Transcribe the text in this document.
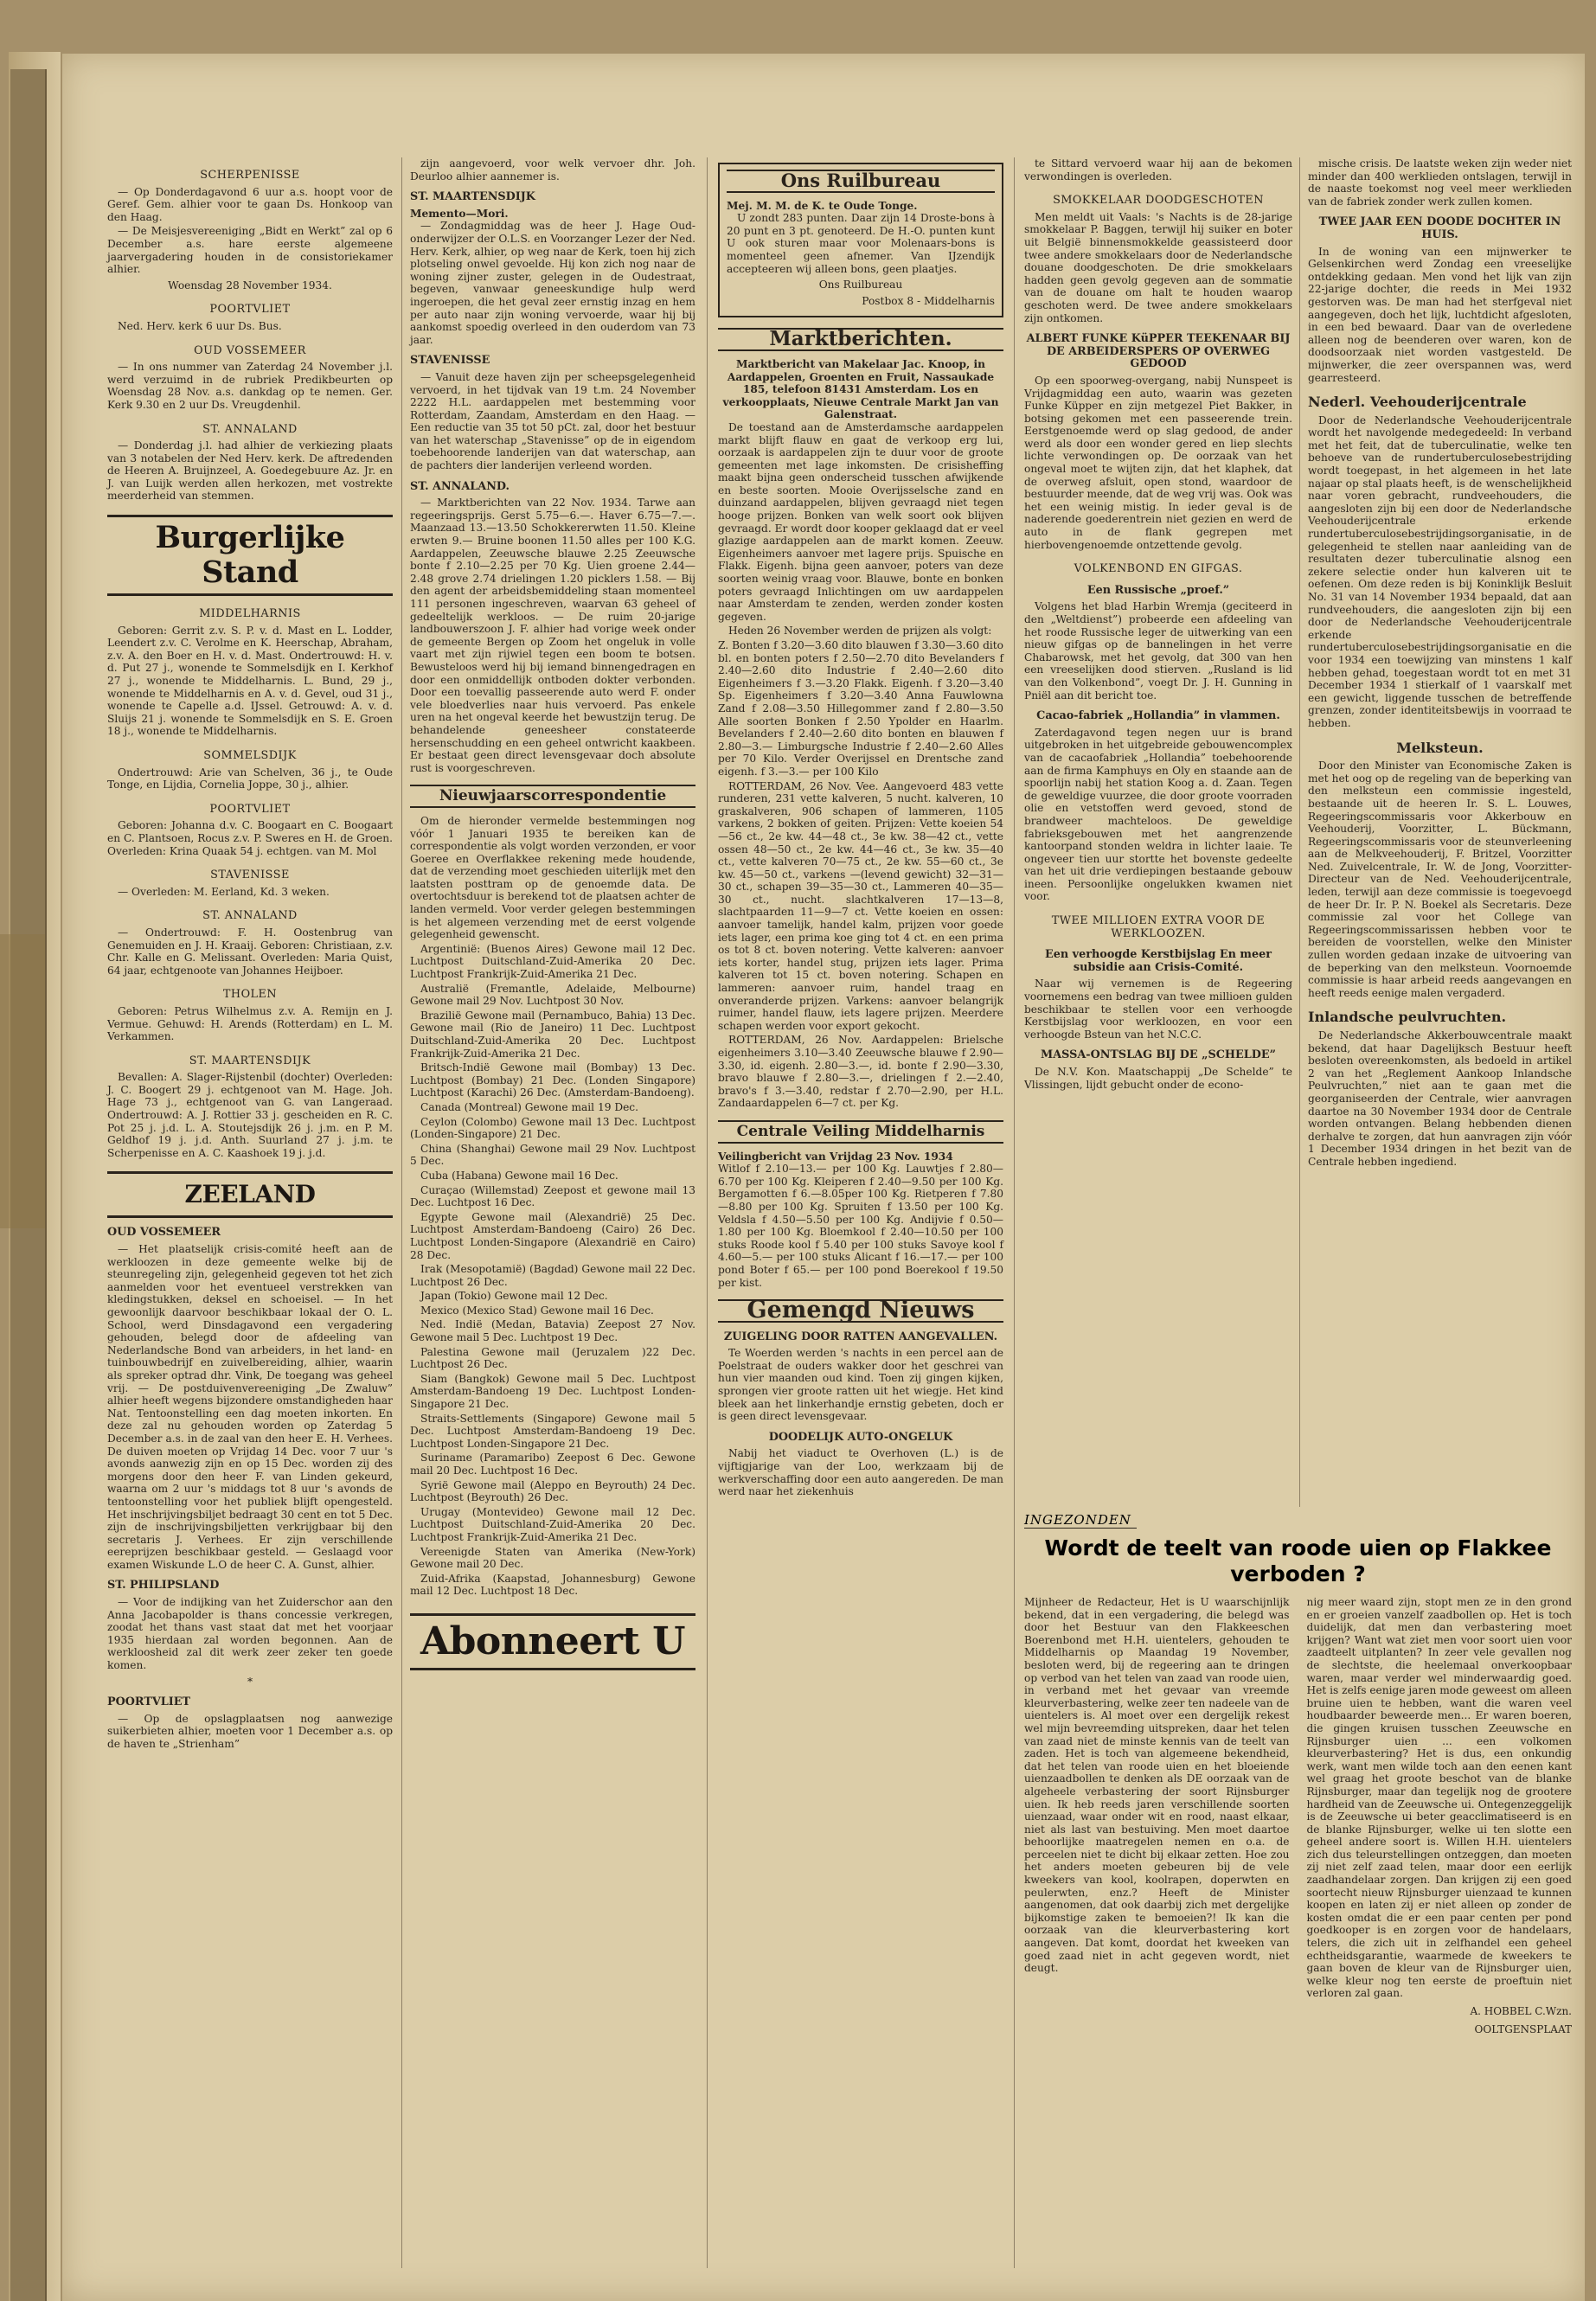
SCHERPENISSE

— Op Donderdagavond 6 uur a.s. hoopt voor de Geref. Gem. alhier voor te gaan Ds. Honkoop van den Haag.

— De Meisjesvereeniging „Bidt en Werkt” zal op 6 December a.s. hare eerste algemeene jaarvergadering houden in de consistoriekamer alhier.

Woensdag 28 November 1934.
POORTVLIET

Ned. Herv. kerk 6 uur Ds. Bus.

OUD VOSSEMEER

— In ons nummer van Zaterdag 24 November j.l. werd verzuimd in de rubriek Predikbeurten op Woensdag 28 Nov. a.s. dankdag op te nemen. Ger. Kerk 9.30 en 2 uur Ds. Vreugdenhil.

ST. ANNALAND

— Donderdag j.l. had alhier de verkiezing plaats van 3 notabelen der Ned Herv. kerk. De aftredenden de Heeren A. Bruijnzeel, A. Goedegebuure Az. Jr. en J. van Luijk werden allen herkozen, met vostrekte meerderheid van stemmen.

Burgerlijke Stand
MIDDELHARNIS

Geboren: Gerrit z.v. S. P. v. d. Mast en L. Lodder, Leendert z.v. C. Verolme en K. Heerschap, Abraham, z.v. A. den Boer en H. v. d. Mast. Ondertrouwd: H. v. d. Put 27 j., wonende te Sommelsdijk en I. Kerkhof 27 j., wonende te Middelharnis. L. Bund, 29 j., wonende te Middelharnis en A. v. d. Gevel, oud 31 j., wonende te Capelle a.d. IJssel. Getrouwd: A. v. d. Sluijs 21 j. wonende te Sommelsdijk en S. E. Groen 18 j., wonende te Middelharnis.

SOMMELSDIJK

Ondertrouwd: Arie van Schelven, 36 j., te Oude Tonge, en Lijdia, Cornelia Joppe, 30 j., alhier.

POORTVLIET

Geboren: Johanna d.v. C. Boogaart en C. Boogaart en C. Plantsoen, Rocus z.v. P. Sweres en H. de Groen. Overleden: Krina Quaak 54 j. echtgen. van M. Mol

STAVENISSE

— Overleden: M. Eerland, Kd. 3 weken.

ST. ANNALAND

— Ondertrouwd: F. H. Oostenbrug van Genemuiden en J. H. Kraaij. Geboren: Christiaan, z.v. Chr. Kalle en G. Melissant. Overleden: Maria Quist, 64 jaar, echtgenoote van Johannes Heijboer.

THOLEN

Geboren: Petrus Wilhelmus z.v. A. Remijn en J. Vermue. Gehuwd: H. Arends (Rotterdam) en L. M. Verkammen.

ST. MAARTENSDIJK

Bevallen: A. Slager-Rijstenbil (dochter) Overleden: J. C. Boogert 29 j. echtgenoot van M. Hage. Joh. Hage 73 j., echtgenoot van G. van Langeraad. Ondertrouwd: A. J. Rottier 33 j. gescheiden en R. C. Pot 25 j. j.d. L. A. Stoutejsdijk 26 j. j.m. en P. M. Geldhof 19 j. j.d. Anth. Suurland 27 j. j.m. te Scherpenisse en A. C. Kaashoek 19 j. j.d.

ZEELAND
OUD VOSSEMEER

— Het plaatselijk crisis-comité heeft aan de werkloozen in deze gemeente welke bij de steunregeling zijn, gelegenheid gegeven tot het zich aanmelden voor het eventueel verstrekken van kledingstukken, deksel en schoeisel. — In het gewoonlijk daarvoor beschikbaar lokaal der O. L. School, werd Dinsdagavond een vergadering gehouden, belegd door de afdeeling van Nederlandsche Bond van arbeiders, in het land- en tuinbouwbedrijf en zuivelbereiding, alhier, waarin als spreker optrad dhr. Vink, De toegang was geheel vrij. — De postduivenvereeniging „De Zwaluw” alhier heeft wegens bijzondere omstandigheden haar Nat. Tentoonstelling een dag moeten inkorten. En deze zal nu gehouden worden op Zaterdag 5 December a.s. in de zaal van den heer E. H. Verhees. De duiven moeten op Vrijdag 14 Dec. voor 7 uur 's avonds aanwezig zijn en op 15 Dec. worden zij des morgens door den heer F. van Linden gekeurd, waarna om 2 uur 's middags tot 8 uur 's avonds de tentoonstelling voor het publiek blijft opengesteld. Het inschrijvingsbiljet bedraagt 30 cent en tot 5 Dec. zijn de inschrijvingsbiljetten verkrijgbaar bij den secretaris J. Verhees. Er zijn verschillende eereprijzen beschikbaar gesteld. — Geslaagd voor examen Wiskunde L.O de heer C. A. Gunst, alhier.

ST. PHILIPSLAND

— Voor de indijking van het Zuiderschor aan den Anna Jacobapolder is thans concessie verkregen, zoodat het thans vast staat dat met het voorjaar 1935 hierdaan zal worden begonnen. Aan de werkloosheid zal dit werk zeer zeker ten goede komen.

*
POORTVLIET

— Op de opslagplaatsen nog aanwezige suikerbieten alhier, moeten voor 1 December a.s. op de haven te „Strienham”

zijn aangevoerd, voor welk vervoer dhr. Joh. Deurloo alhier aannemer is.

ST. MAARTENSDIJK
Memento—Mori.

— Zondagmiddag was de heer J. Hage Oud-onderwijzer der O.L.S. en Voorzanger Lezer der Ned. Herv. Kerk, alhier, op weg naar de Kerk, toen hij zich plotseling onwel gevoelde. Hij kon zich nog naar de woning zijner zuster, gelegen in de Oudestraat, begeven, vanwaar geneeskundige hulp werd ingeroepen, die het geval zeer ernstig inzag en hem per auto naar zijn woning vervoerde, waar hij bij aankomst spoedig overleed in den ouderdom van 73 jaar.

STAVENISSE

— Vanuit deze haven zijn per scheepsgelegenheid vervoerd, in het tijdvak van 19 t.m. 24 November 2222 H.L. aardappelen met bestemming voor Rotterdam, Zaandam, Amsterdam en den Haag. — Een reductie van 35 tot 50 pCt. zal, door het bestuur van het waterschap „Stavenisse” op de in eigendom toebehoorende landerijen van dat waterschap, aan de pachters dier landerijen verleend worden.

ST. ANNALAND.

— Marktberichten van 22 Nov. 1934. Tarwe aan regeeringsprijs. Gerst 5.75—6.—. Haver 6.75—7.—. Maanzaad 13.—13.50 Schokkererwten 11.50. Kleine erwten 9.— Bruine boonen 11.50 alles per 100 K.G. Aardappelen, Zeeuwsche blauwe 2.25 Zeeuwsche bonte f 2.10—2.25 per 70 Kg. Uien groene 2.44—2.48 grove 2.74 drielingen 1.20 picklers 1.58. — Bij den agent der arbeidsbemiddeling staan momenteel 111 personen ingeschreven, waarvan 63 geheel of gedeeltelijk werkloos. — De ruim 20-jarige landbouwerszoon J. F. alhier had vorige week onder de gemeente Bergen op Zoom het ongeluk in volle vaart met zijn rijwiel tegen een boom te botsen. Bewusteloos werd hij bij iemand binnengedragen en door een onmiddellijk ontboden dokter verbonden. Door een toevallig passeerende auto werd F. onder vele bloedverlies naar huis vervoerd. Pas enkele uren na het ongeval keerde het bewustzijn terug. De behandelende geneesheer constateerde hersenschudding en een geheel ontwricht kaakbeen. Er bestaat geen direct levensgevaar doch absolute rust is voorgeschreven.

Nieuwjaarscorrespondentie

Om de hieronder vermelde bestemmingen nog vóór 1 Januari 1935 te bereiken kan de correspondentie als volgt worden verzonden, er voor Goeree en Overflakkee rekening mede houdende, dat de verzending moet geschieden uiterlijk met den laatsten posttram op de genoemde data. De overtochtsduur is berekend tot de plaatsen achter de landen vermeld. Voor verder gelegen bestemmingen is het algemeen verzending met de eerst volgende gelegenheid gewenscht.

Argentinië: (Buenos Aires) Gewone mail 12 Dec. Luchtpost Duitschland-Zuid-Amerika 20 Dec. Luchtpost Frankrijk-Zuid-Amerika 21 Dec.

Australië (Fremantle, Adelaide, Melbourne) Gewone mail 29 Nov. Luchtpost 30 Nov.

Brazilië Gewone mail (Pernambuco, Bahia) 13 Dec. Gewone mail (Rio de Janeiro) 11 Dec. Luchtpost Duitschland-Zuid-Amerika 20 Dec. Luchtpost Frankrijk-Zuid-Amerika 21 Dec.

Britsch-Indië Gewone mail (Bombay) 13 Dec. Luchtpost (Bombay) 21 Dec. (Londen Singapore) Luchtpost (Karachi) 26 Dec. (Amsterdam-Bandoeng).

Canada (Montreal) Gewone mail 19 Dec.

Ceylon (Colombo) Gewone mail 13 Dec. Luchtpost (Londen-Singapore) 21 Dec.

China (Shanghai) Gewone mail 29 Nov. Luchtpost 5 Dec.

Cuba (Habana) Gewone mail 16 Dec.

Curaçao (Willemstad) Zeepost et gewone mail 13 Dec. Luchtpost 16 Dec.

Egypte Gewone mail (Alexandrië) 25 Dec. Luchtpost Amsterdam-Bandoeng (Cairo) 26 Dec. Luchtpost Londen-Singapore (Alexandrië en Cairo) 28 Dec.

Irak (Mesopotamië) (Bagdad) Gewone mail 22 Dec. Luchtpost 26 Dec.

Japan (Tokio) Gewone mail 12 Dec.

Mexico (Mexico Stad) Gewone mail 16 Dec.

Ned. Indië (Medan, Batavia) Zeepost 27 Nov. Gewone mail 5 Dec. Luchtpost 19 Dec.

Palestina Gewone mail (Jeruzalem )22 Dec. Luchtpost 26 Dec.

Siam (Bangkok) Gewone mail 5 Dec. Luchtpost Amsterdam-Bandoeng 19 Dec. Luchtpost Londen-Singapore 21 Dec.

Straits-Settlements (Singapore) Gewone mail 5 Dec. Luchtpost Amsterdam-Bandoeng 19 Dec. Luchtpost Londen-Singapore 21 Dec.

Suriname (Paramaribo) Zeepost 6 Dec. Gewone mail 20 Dec. Luchtpost 16 Dec.

Syrië Gewone mail (Aleppo en Beyrouth) 24 Dec. Luchtpost (Beyrouth) 26 Dec.

Urugay (Montevideo) Gewone mail 12 Dec. Luchtpost Duitschland-Zuid-Amerika 20 Dec. Luchtpost Frankrijk-Zuid-Amerika 21 Dec.

Vereenigde Staten van Amerika (New-York) Gewone mail 20 Dec.

Zuid-Afrika (Kaapstad, Johannesburg) Gewone mail 12 Dec. Luchtpost 18 Dec.

Abonneert U
Ons Ruilbureau
Mej. M. M. de K. te Oude Tonge.

U zondt 283 punten. Daar zijn 14 Droste-bons à 20 punt en 3 pt. genoteerd. De H.-O. punten kunt U ook sturen maar voor Molenaars-bons is momenteel geen afnemer. Van IJzendijk accepteeren wij alleen bons, geen plaatjes.

Ons Ruilbureau
Postbox 8 - Middelharnis
Marktberichten.
Marktbericht van Makelaar Jac. Knoop, in Aardappelen, Groenten en Fruit, Nassaukade 185, telefoon 81431 Amsterdam. Los en verkoopplaats, Nieuwe Centrale Markt Jan van Galenstraat.

De toestand aan de Amsterdamsche aardappelen markt blijft flauw en gaat de verkoop erg lui, oorzaak is aardappelen zijn te duur voor de groote gemeenten met lage inkomsten. De crisisheffing maakt bijna geen onderscheid tusschen afwijkende en beste soorten. Mooie Overijsselsche zand en duinzand aardappelen, blijven gevraagd niet tegen hooge prijzen. Bonken van welk soort ook blijven gevraagd. Er wordt door kooper geklaagd dat er veel glazige aardappelen aan de markt komen. Zeeuw. Eigenheimers aanvoer met lagere prijs. Spuische en Flakk. Eigenh. bijna geen aanvoer, poters van deze soorten weinig vraag voor. Blauwe, bonte en bonken poters gevraagd Inlichtingen om uw aardappelen naar Amsterdam te zenden, werden zonder kosten gegeven.

Heden 26 November werden de prijzen als volgt:

Z. Bonten f 3.20—3.60 dito blauwen f 3.30—3.60 dito bl. en bonten poters f 2.50—2.70 dito Bevelanders f 2.40—2.60 dito Industrie f 2.40—2.60 dito Eigenheimers f 3.—3.20 Flakk. Eigenh. f 3.20—3.40 Sp. Eigenheimers f 3.20—3.40 Anna Fauwlowna Zand f 2.08—3.50 Hillegommer zand f 2.80—3.50 Alle soorten Bonken f 2.50 Ypolder en Haarlm. Bevelanders f 2.40—2.60 dito bonten en blauwen f 2.80—3.— Limburgsche Industrie f 2.40—2.60 Alles per 70 Kilo. Verder Overijssel en Drentsche zand eigenh. f 3.—3.— per 100 Kilo

ROTTERDAM, 26 Nov. Vee. Aangevoerd 483 vette runderen, 231 vette kalveren, 5 nucht. kalveren, 10 graskalveren, 906 schapen of lammeren, 1105 varkens, 2 bokken of geiten. Prijzen: Vette koeien 54—56 ct., 2e kw. 44—48 ct., 3e kw. 38—42 ct., vette ossen 48—50 ct., 2e kw. 44—46 ct., 3e kw. 35—40 ct., vette kalveren 70—75 ct., 2e kw. 55—60 ct., 3e kw. 45—50 ct., varkens —(levend gewicht) 32—31—30 ct., schapen 39—35—30 ct., Lammeren 40—35—30 ct., nucht. slachtkalveren 17—13—8, slachtpaarden 11—9—7 ct. Vette koeien en ossen: aanvoer tamelijk, handel kalm, prijzen voor goede iets lager, een prima koe ging tot 4 ct. en een prima os tot 8 ct. boven notering. Vette kalveren: aanvoer iets korter, handel stug, prijzen iets lager. Prima kalveren tot 15 ct. boven notering. Schapen en lammeren: aanvoer ruim, handel traag en onveranderde prijzen. Varkens: aanvoer belangrijk ruimer, handel flauw, iets lagere prijzen. Meerdere schapen werden voor export gekocht.

ROTTERDAM, 26 Nov. Aardappelen: Brielsche eigenheimers 3.10—3.40 Zeeuwsche blauwe f 2.90—3.30, id. eigenh. 2.80—3.—, id. bonte f 2.90—3.30, bravo blauwe f 2.80—3.—, drielingen f 2.—2.40, bravo's f 3.—3.40, redstar f 2.70—2.90, per H.L. Zandaardappelen 6—7 ct. per Kg.

Centrale Veiling Middelharnis
Veilingbericht van Vrijdag 23 Nov. 1934

Witlof f 2.10—13.— per 100 Kg. Lauwtjes f 2.80—6.70 per 100 Kg. Kleiperen f 2.40—9.50 per 100 Kg. Bergamotten f 6.—8.05per 100 Kg. Rietperen f 7.80—8.80 per 100 Kg. Spruiten f 13.50 per 100 Kg. Veldsla f 4.50—5.50 per 100 Kg. Andijvie f 0.50—1.80 per 100 Kg. Bloemkool f 2.40—10.50 per 100 stuks Roode kool f 5.40 per 100 stuks Savoye kool f 4.60—5.— per 100 stuks Alicant f 16.—17.— per 100 pond Boter f 65.— per 100 pond Boerekool f 19.50 per kist.

Gemengd Nieuws
ZUIGELING DOOR RATTEN AANGEVALLEN.

Te Woerden werden 's nachts in een percel aan de Poelstraat de ouders wakker door het geschrei van hun vier maanden oud kind. Toen zij gingen kijken, sprongen vier groote ratten uit het wiegje. Het kind bleek aan het linkerhandje ernstig gebeten, doch er is geen direct levensgevaar.

DOODELIJK AUTO-ONGELUK

Nabij het viaduct te Overhoven (L.) is de vijftigjarige van der Loo, werkzaam bij de werkverschaffing door een auto aangereden. De man werd naar het ziekenhuis

te Sittard vervoerd waar hij aan de bekomen verwondingen is overleden.

SMOKKELAAR DOODGESCHOTEN

Men meldt uit Vaals: 's Nachts is de 28-jarige smokkelaar P. Baggen, terwijl hij suiker en boter uit België binnensmokkelde geassisteerd door twee andere smokkelaars door de Nederlandsche douane doodgeschoten. De drie smokkelaars hadden geen gevolg gegeven aan de sommatie van de douane om halt te houden waarop geschoten werd. De twee andere smokkelaars zijn ontkomen.

ALBERT FUNKE KüPPER TEEKENAAR BIJ DE ARBEIDERSPERS OP OVERWEG GEDOOD

Op een spoorweg-overgang, nabij Nunspeet is Vrijdagmiddag een auto, waarin was gezeten Funke Küpper en zijn metgezel Piet Bakker, in botsing gekomen met een passeerende trein. Eerstgenoemde werd op slag gedood, de ander werd als door een wonder gered en liep slechts lichte verwondingen op. De oorzaak van het ongeval moet te wijten zijn, dat het klaphek, dat de overweg afsluit, open stond, waardoor de bestuurder meende, dat de weg vrij was. Ook was het een weinig mistig. In ieder geval is de naderende goederentrein niet gezien en werd de auto in de flank gegrepen met hierbovengenoemde ontzettende gevolg.

VOLKENBOND EN GIFGAS.
Een Russische „proef.”

Volgens het blad Harbin Wremja (geciteerd in den „Weltdienst”) probeerde een afdeeling van het roode Russische leger de uitwerking van een nieuw gifgas op de bannelingen in het verre Chabarowsk, met het gevolg, dat 300 van hen een vreeselijken dood stierven. „Rusland is lid van den Volkenbond”, voegt Dr. J. H. Gunning in Pniël aan dit bericht toe.

Cacao-fabriek „Hollandia” in vlammen.

Zaterdagavond tegen negen uur is brand uitgebroken in het uitgebreide gebouwencomplex van de cacaofabriek „Hollandia” toebehoorende aan de firma Kamphuys en Oly en staande aan de spoorlijn nabij het station Koog a. d. Zaan. Tegen de geweldige vuurzee, die door groote voorraden olie en vetstoffen werd gevoed, stond de brandweer machteloos. De geweldige fabrieksgebouwen met het aangrenzende kantoorpand stonden weldra in lichter laaie. Te ongeveer tien uur stortte het bovenste gedeelte van het uit drie verdiepingen bestaande gebouw ineen. Persoonlijke ongelukken kwamen niet voor.

TWEE MILLIOEN EXTRA VOOR DE WERKLOOZEN.
Een verhoogde Kerstbijslag En meer subsidie aan Crisis-Comité.

Naar wij vernemen is de Regeering voornemens een bedrag van twee millioen gulden beschikbaar te stellen voor een verhoogde Kerstbijslag voor werkloozen, en voor een verhoogde Bsteun van het N.C.C.

MASSA-ONTSLAG BIJ DE „SCHELDE”

De N.V. Kon. Maatschappij „De Schelde” te Vlissingen, lijdt gebucht onder de econo-

mische crisis. De laatste weken zijn weder niet minder dan 400 werklieden ontslagen, terwijl in de naaste toekomst nog veel meer werklieden van de fabriek zonder werk zullen komen.

TWEE JAAR EEN DOODE DOCHTER IN HUIS.

In de woning van een mijnwerker te Gelsenkirchen werd Zondag een vreeselijke ontdekking gedaan. Men vond het lijk van zijn 22-jarige dochter, die reeds in Mei 1932 gestorven was. De man had het sterfgeval niet aangegeven, doch het lijk, luchtdicht afgesloten, in een bed bewaard. Daar van de overledene alleen nog de beenderen over waren, kon de doodsoorzaak niet worden vastgesteld. De mijnwerker, die zeer overspannen was, werd gearresteerd.

Nederl. Veehouderijcentrale

Door de Nederlandsche Veehouderijcentrale wordt het navolgende medegedeeld: In verband met het feit, dat de tuberculinatie, welke ten behoeve van de rundertuberculosebestrijding wordt toegepast, in het algemeen in het late najaar op stal plaats heeft, is de wenschelijkheid naar voren gebracht, rundveehouders, die aangesloten zijn bij een door de Nederlandsche Veehouderijcentrale erkende rundertuberculosebestrijdingsorganisatie, in de gelegenheid te stellen naar aanleiding van de resultaten dezer tuberculinatie alsnog een zekere selectie onder hun kalveren uit te oefenen. Om deze reden is bij Koninklijk Besluit No. 31 van 14 November 1934 bepaald, dat aan rundveehouders, die aangesloten zijn bij een door de Nederlandsche Veehouderijcentrale erkende rundertuberculosebestrijdingsorganisatie en die voor 1934 een toewijzing van minstens 1 kalf hebben gehad, toegestaan wordt tot en met 31 December 1934 1 stierkalf of 1 vaarskalf met een gewicht, liggende tusschen de betreffende grenzen, zonder identiteitsbewijs in voorraad te hebben.

Melksteun.

Door den Minister van Economische Zaken is met het oog op de regeling van de beperking van den melksteun een commissie ingesteld, bestaande uit de heeren Ir. S. L. Louwes, Regeeringscommissaris voor Akkerbouw en Veehouderij, Voorzitter, L. Bückmann, Regeeringscommissaris voor de steunverleening aan de Melkveehouderij, F. Britzel, Voorzitter Ned. Zuivelcentrale, Ir. W. de Jong, Voorzitter-Directeur van de Ned. Veehouderijcentrale, leden, terwijl aan deze commissie is toegevoegd de heer Dr. Ir. P. N. Boekel als Secretaris. Deze commissie zal voor het College van Regeeringscommissarissen hebben voor te bereiden de voorstellen, welke den Minister zullen worden gedaan inzake de uitvoering van de beperking van den melksteun. Voornoemde commissie is haar arbeid reeds aangevangen en heeft reeds eenige malen vergaderd.

Inlandsche peulvruchten.

De Nederlandsche Akkerbouwcentrale maakt bekend, dat haar Dagelijksch Bestuur heeft besloten overeenkomsten, als bedoeld in artikel 2 van het „Reglement Aankoop Inlandsche Peulvruchten,” niet aan te gaan met die georganiseerden der Centrale, wier aanvragen daartoe na 30 November 1934 door de Centrale worden ontvangen. Belang hebbenden dienen derhalve te zorgen, dat hun aanvragen zijn vóór 1 December 1934 dringen in het bezit van de Centrale hebben ingediend.

INGEZONDEN
Wordt de teelt van roode uien op Flakkee verboden ?
Mijnheer de Redacteur, Het is U waarschijnlijk bekend, dat in een vergadering, die belegd was door het Bestuur van den Flakkeeschen Boerenbond met H.H. uientelers, gehouden te Middelharnis op Maandag 19 November, besloten werd, bij de regeering aan te dringen op verbod van het telen van zaad van roode uien, in verband met het gevaar van vreemde kleurverbastering, welke zeer ten nadeele van de uientelers is. Al moet over een dergelijk rekest wel mijn bevreemding uitspreken, daar het telen van zaad niet de minste kennis van de teelt van zaden. Het is toch van algemeene bekendheid, dat het telen van roode uien en het bloeiende uienzaadbollen te denken als DE oorzaak van de algeheele verbastering der soort Rijnsburger uien. Ik heb reeds jaren verschillende soorten uienzaad, waar onder wit en rood, naast elkaar, niet als last van bestuiving. Men moet daartoe behoorlijke maatregelen nemen en o.a. de perceelen niet te dicht bij elkaar zetten. Hoe zou het anders moeten gebeuren bij de vele kweekers van kool, koolrapen, doperwten en peulerwten, enz.? Heeft de Minister aangenomen, dat ook daarbij zich met dergelijke bijkomstige zaken te bemoeien?! Ik kan die oorzaak van die kleurverbastering kort aangeven. Dat komt, doordat het kweeken van goed zaad niet in acht gegeven wordt, niet deugt.
nig meer waard zijn, stopt men ze in den grond en er groeien vanzelf zaadbollen op. Het is toch duidelijk, dat men dan verbastering moet krijgen? Want wat ziet men voor soort uien voor zaadteelt uitplanten? In zeer vele gevallen nog de slechtste, die heelemaal onverkoopbaar waren, maar verder wel minderwaardig goed. Het is zelfs eenige jaren mode geweest om alleen bruine uien te hebben, want die waren veel houdbaarder beweerde men... Er waren boeren, die gingen kruisen tusschen Zeeuwsche en Rijnsburger uien ... een volkomen kleurverbastering? Het is dus, een onkundig werk, want men wilde toch aan den eenen kant wel graag het groote beschot van de blanke Rijnsburger, maar dan tegelijk nog de grootere hardheid van de Zeeuwsche ui. Ontegenzeggelijk is de Zeeuwsche ui beter geacclimatiseerd is en de blanke Rijnsburger, welke ui ten slotte een geheel andere soort is. Willen H.H. uientelers zich dus teleurstellingen ontzeggen, dan moeten zij niet zelf zaad telen, maar door een eerlijk zaadhandelaar zorgen. Dan krijgen zij een goed soortecht nieuw Rijnsburger uienzaad te kunnen koopen en laten zij er niet alleen op zonder de kosten omdat die er een paar centen per pond goedkooper is en zorgen voor de handelaars, telers, die zich uit in zelfhandel een geheel echtheidsgarantie, waarmede de kweekers te gaan boven de kleur van de Rijnsburger uien, welke kleur nog ten eerste de proeftuin niet verloren zal gaan.
A. HOBBEL C.Wzn.
OOLTGENSPLAAT
